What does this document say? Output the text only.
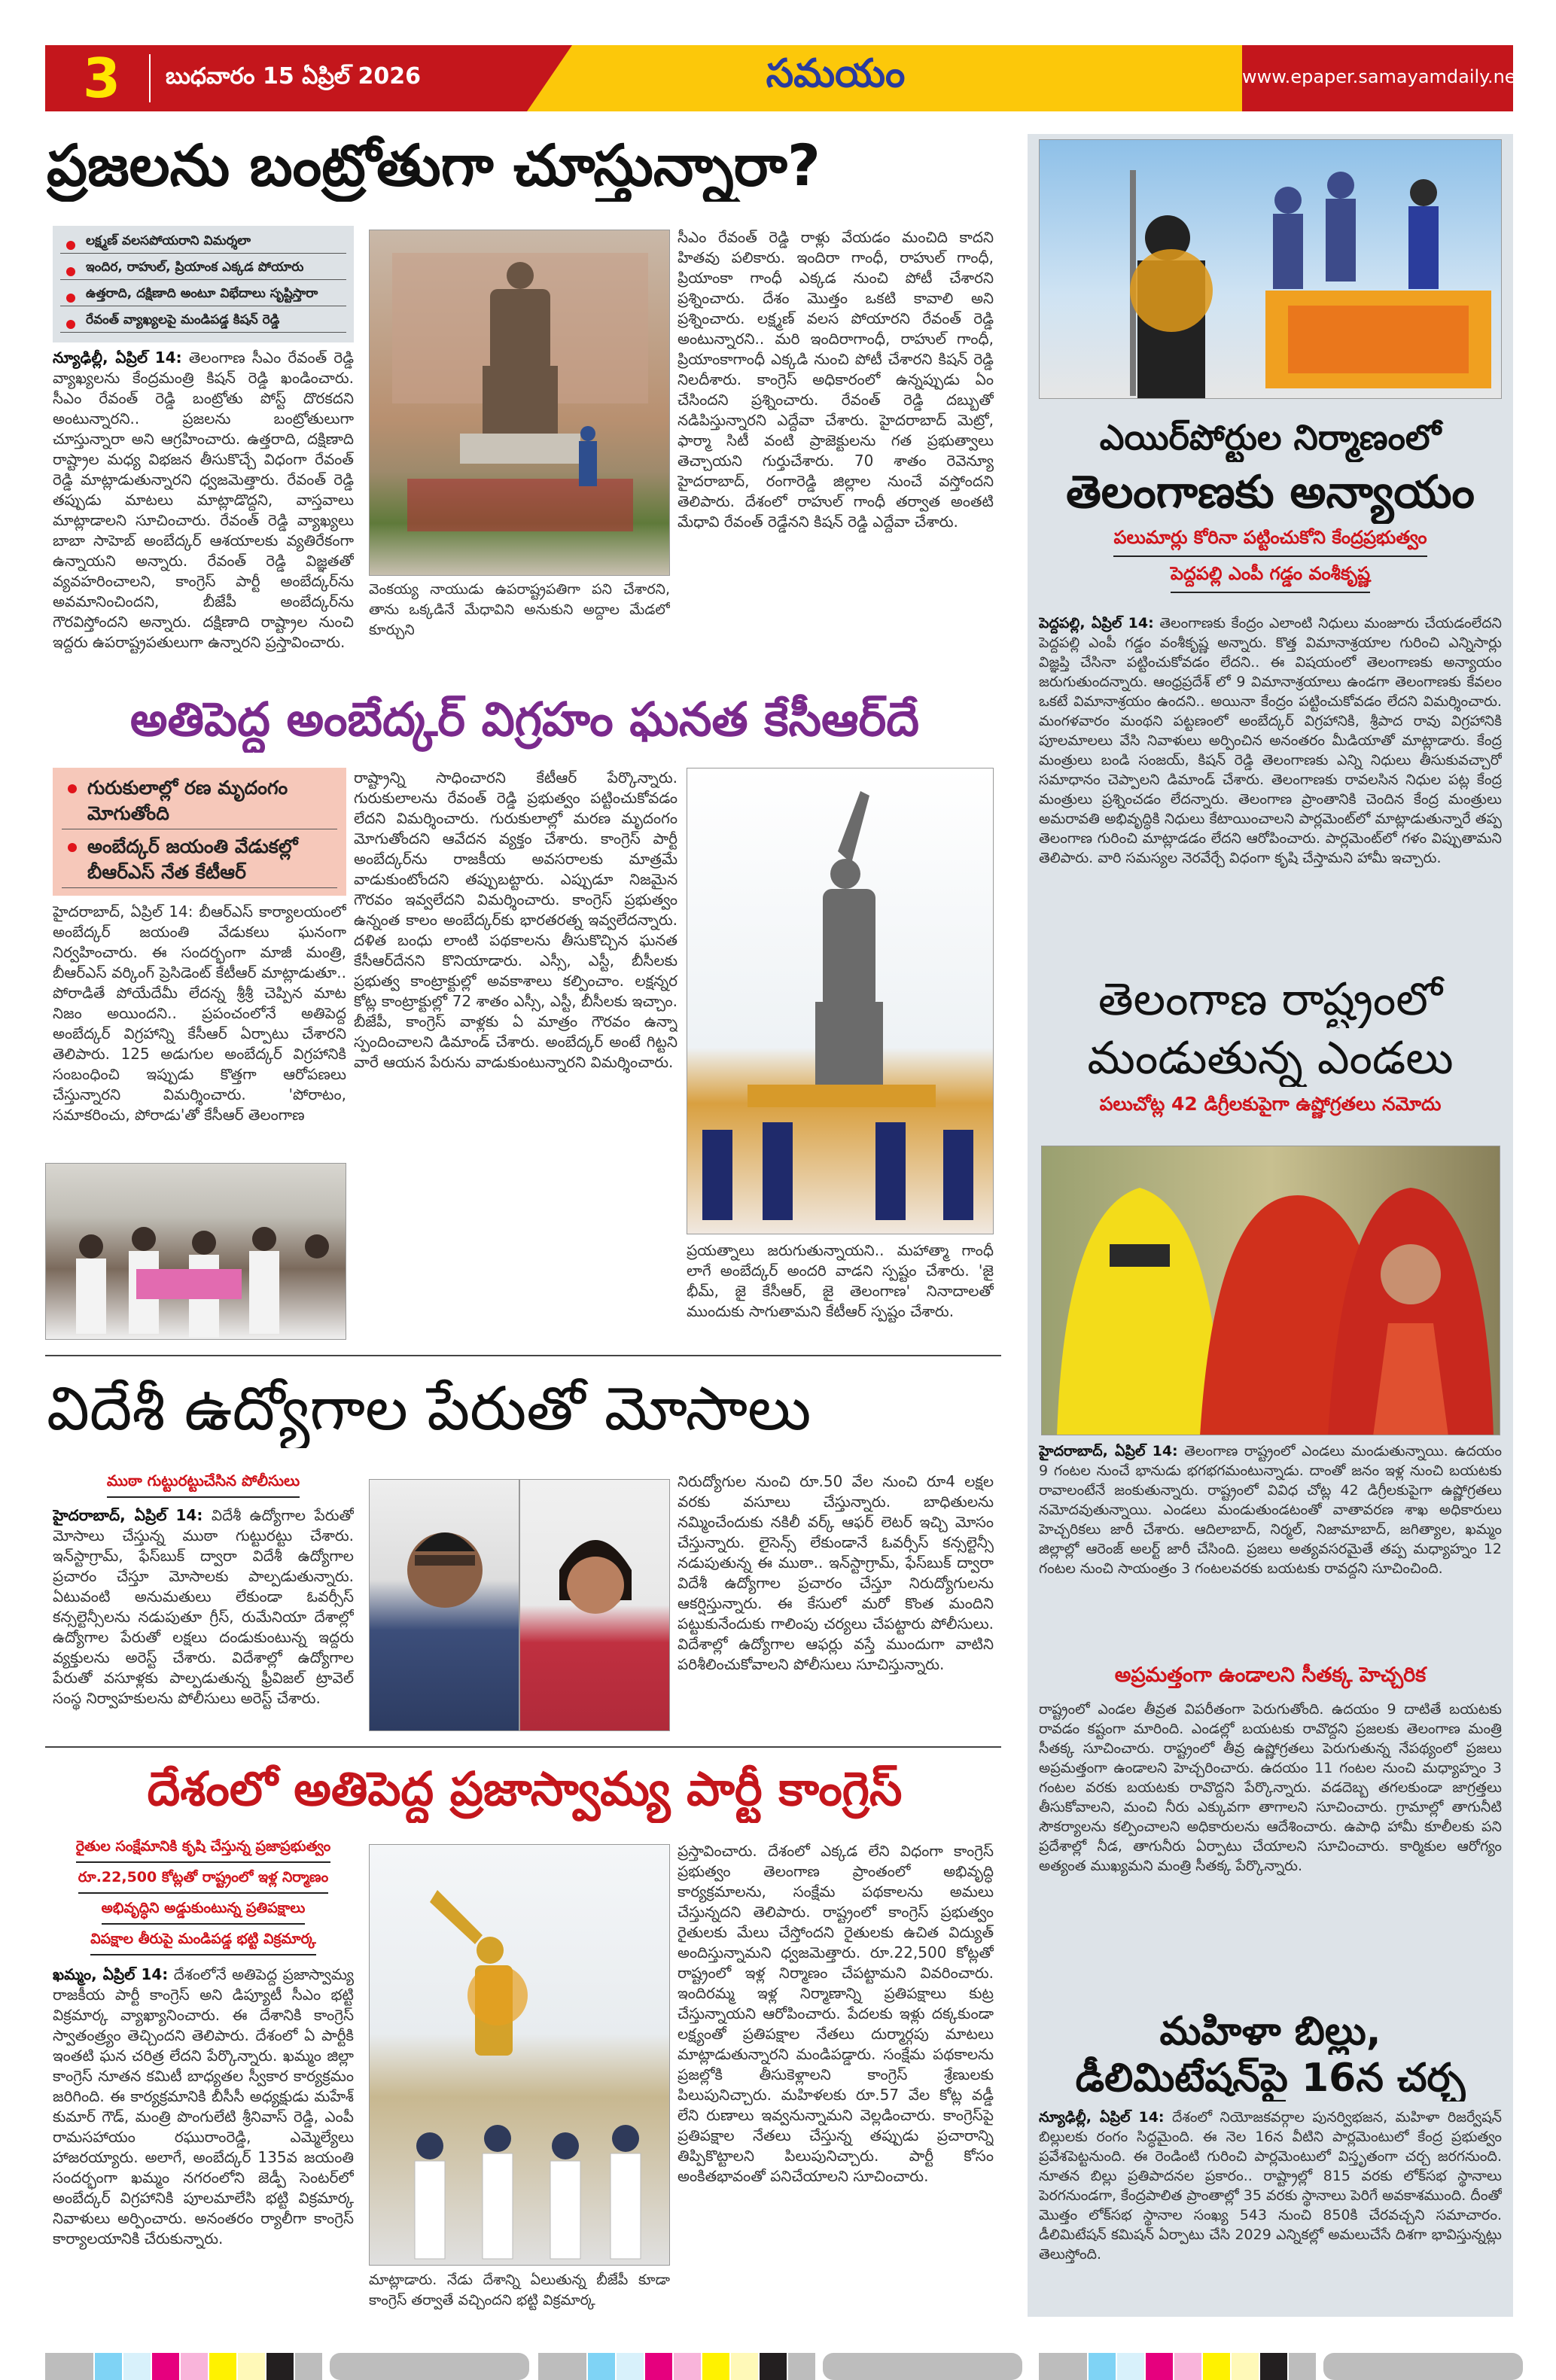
3 బుధవారం 15 ఏప్రిల్ 2026	సమయం	www.epaper.samayamdaily.net
ప్రజలను బంట్రోతుగా చూస్తున్నారా?
లక్ష్మణ్ వలసపోయరాని విమర్శలా
ఇందిర, రాహుల్, ప్రియాంక ఎక్కడ పోయారు
ఉత్తరాది, దక్షిణాది అంటూ విభేదాలు సృష్టిస్తారా
రేవంత్ వ్యాఖ్యలపై మండిపడ్డ కిషన్ రెడ్డి
న్యూఢిల్లీ, ఏప్రిల్ 14: తెలంగాణ సీఎం రేవంత్ రెడ్డి వ్యాఖ్యలను కేంద్రమంత్రి కిషన్ రెడ్డి ఖండించారు. సీఎం రేవంత్ రెడ్డి బంట్రోతు పోస్ట్ దొరకదని అంటున్నారని.. ప్రజలను బంట్రోతులుగా చూస్తున్నారా అని ఆగ్రహించారు. ఉత్తరాది, దక్షిణాది రాష్ట్రాల మధ్య విభజన తీసుకొచ్చే విధంగా రేవంత్ రెడ్డి మాట్లాడుతున్నారని ధ్వజమెత్తారు. రేవంత్ రెడ్డి తప్పుడు మాటలు మాట్లాడొద్దని, వాస్తవాలు మాట్లాడాలని సూచించారు. రేవంత్ రెడ్డి వ్యాఖ్యలు బాబా సాహెబ్ అంబేద్కర్ ఆశయాలకు వ్యతిరేకంగా ఉన్నాయని అన్నారు. రేవంత్ రెడ్డి విజ్ఞతతో వ్యవహరించాలని, కాంగ్రెస్ పార్టీ అంబేద్కర్‌ను అవమానించిందని, బీజేపీ అంబేద్కర్‌ను గౌరవిస్తోందని అన్నారు. దక్షిణాది రాష్ట్రాల నుంచి ఇద్దరు ఉపరాష్ట్రపతులుగా ఉన్నారని ప్రస్తావించారు.
వెంకయ్య నాయుడు ఉపరాష్ట్రపతిగా పని చేశారని, తాను ఒక్కడినే మేధావిని అనుకుని అద్దాల మేడలో కూర్చుని
సీఎం రేవంత్ రెడ్డి రాళ్లు వేయడం మంచిది కాదని హితవు పలికారు. ఇందిరా గాంధీ, రాహుల్ గాంధీ, ప్రియాంకా గాంధీ ఎక్కడ నుంచి పోటీ చేశారని ప్రశ్నించారు. దేశం మొత్తం ఒకటి కావాలి అని ప్రశ్నించారు. లక్ష్మణ్ వలస పోయారని రేవంత్ రెడ్డి అంటున్నారని.. మరి ఇందిరాగాంధీ, రాహుల్ గాంధీ, ప్రియాంకాగాంధీ ఎక్కడి నుంచి పోటీ చేశారని కిషన్ రెడ్డి నిలదీశారు. కాంగ్రెస్ అధికారంలో ఉన్నప్పుడు ఏం చేసిందని ప్రశ్నించారు. రేవంత్ రెడ్డి దబ్బుతో నడిపిస్తున్నారని ఎద్దేవా చేశారు. హైదరాబాద్ మెట్రో, ఫార్మా సిటీ వంటి ప్రాజెక్టులను గత ప్రభుత్వాలు తెచ్చాయని గుర్తుచేశారు. 70 శాతం రెవెన్యూ హైదరాబాద్, రంగారెడ్డి జిల్లాల నుంచే వస్తోందని తెలిపారు. దేశంలో రాహుల్ గాంధీ తర్వాత అంతటి మేధావి రేవంత్ రెడ్డేనని కిషన్ రెడ్డి ఎద్దేవా చేశారు.
అతిపెద్ద అంబేద్కర్ విగ్రహం ఘనత కేసీఆర్‌దే
గురుకులాల్లో రణ మృదంగం మోగుతోంది
అంబేద్కర్ జయంతి వేడుకల్లో బీఆర్ఎస్ నేత కేటీఆర్
హైదరాబాద్, ఏప్రిల్ 14: బీఆర్ఎస్ కార్యాలయంలో అంబేద్కర్ జయంతి వేడుకలు ఘనంగా నిర్వహించారు. ఈ సందర్భంగా మాజీ మంత్రి, బీఆర్ఎస్ వర్కింగ్ ప్రెసిడెంట్ కేటీఆర్ మాట్లాడుతూ.. పోరాడితే పోయేదేమీ లేదన్న శ్రీశ్రీ చెప్పిన మాట నిజం అయిందని.. ప్రపంచంలోనే అతిపెద్ద అంబేద్కర్ విగ్రహాన్ని కేసీఆర్ ఏర్పాటు చేశారని తెలిపారు. 125 అడుగుల అంబేద్కర్ విగ్రహానికి సంబంధించి ఇప్పుడు కొత్తగా ఆరోపణలు చేస్తున్నారని విమర్శించారు. 'పోరాటం, సమాకరించు, పోరాడు'తో కేసీఆర్ తెలంగాణ
రాష్ట్రాన్ని సాధించారని కేటీఆర్ పేర్కొన్నారు. గురుకులాలను రేవంత్ రెడ్డి ప్రభుత్వం పట్టించుకోవడం లేదని విమర్శించారు. గురుకులాల్లో మరణ మృదంగం మోగుతోందని ఆవేదన వ్యక్తం చేశారు. కాంగ్రెస్ పార్టీ అంబేద్కర్‌ను రాజకీయ అవసరాలకు మాత్రమే వాడుకుంటోందని తప్పుబట్టారు. ఎప్పుడూ నిజమైన గౌరవం ఇవ్వలేదని విమర్శించారు. కాంగ్రెస్ ప్రభుత్వం ఉన్నంత కాలం అంబేద్కర్‌కు భారతరత్న ఇవ్వలేదన్నారు. దళిత బంధు లాంటి పథకాలను తీసుకొచ్చిన ఘనత కేసీఆర్‌దేనని కొనియాడారు. ఎస్సీ, ఎస్టీ, బీసీలకు ప్రభుత్వ కాంట్రాక్టుల్లో అవకాశాలు కల్పించాం. లక్షన్నర కోట్ల కాంట్రాక్టుల్లో 72 శాతం ఎస్సీ, ఎస్టీ, బీసీలకు ఇచ్చాం. బీజేపీ, కాంగ్రెస్ వాళ్లకు ఏ మాత్రం గౌరవం ఉన్నా స్పందించాలని డిమాండ్ చేశారు. అంబేద్కర్ అంటే గిట్టని వారే ఆయన పేరును వాడుకుంటున్నారని విమర్శించారు.
ప్రయత్నాలు జరుగుతున్నాయని.. మహాత్మా గాంధీ లాగే అంబేద్కర్ అందరి వాడని స్పష్టం చేశారు. 'జై భీమ్, జై కేసీఆర్, జై తెలంగాణ' నినాదాలతో ముందుకు సాగుతామని కేటీఆర్ స్పష్టం చేశారు.
విదేశీ ఉద్యోగాల పేరుతో మోసాలు
ముఠా గుట్టురట్టుచేసిన పోలీసులు
హైదరాబాద్, ఏప్రిల్ 14: విదేశీ ఉద్యోగాల పేరుతో మోసాలు చేస్తున్న ముఠా గుట్టురట్టు చేశారు. ఇన్‌స్టాగ్రామ్, ఫేస్‌బుక్ ద్వారా విదేశీ ఉద్యోగాల ప్రచారం చేస్తూ మోసాలకు పాల్పడుతున్నారు. ఏటువంటి అనుమతులు లేకుండా ఓవర్సీస్ కన్సల్టెన్సీలను నడుపుతూ గ్రీస్, రుమేనియా దేశాల్లో ఉద్యోగాల పేరుతో లక్షలు దండుకుంటున్న ఇద్దరు వ్యక్తులను అరెస్ట్ చేశారు. విదేశాల్లో ఉద్యోగాల పేరుతో వసూళ్లకు పాల్పడుతున్న ఫ్రీవిజల్ ట్రావెల్ సంస్థ నిర్వాహకులను పోలీసులు అరెస్ట్ చేశారు.
నిరుద్యోగుల నుంచి రూ.50 వేల నుంచి రూ4 లక్షల వరకు వసూలు చేస్తున్నారు. బాధితులను నమ్మించేందుకు నకిలీ వర్క్ ఆఫర్ లెటర్ ఇచ్చి మోసం చేస్తున్నారు. లైసెన్స్ లేకుండానే ఓవర్సీస్ కన్సల్టెన్సీ నడుపుతున్న ఈ ముఠా.. ఇన్‌స్టాగ్రామ్, ఫేస్‌బుక్ ద్వారా విదేశీ ఉద్యోగాల ప్రచారం చేస్తూ నిరుద్యోగులను ఆకర్షిస్తున్నారు. ఈ కేసులో మరో కొంత మందిని పట్టుకునేందుకు గాలింపు చర్యలు చేపట్టారు పోలీసులు. విదేశాల్లో ఉద్యోగాల ఆఫర్లు వస్తే ముందుగా వాటిని పరిశీలించుకోవాలని పోలీసులు సూచిస్తున్నారు.
దేశంలో అతిపెద్ద ప్రజాస్వామ్య పార్టీ కాంగ్రెస్
రైతుల సంక్షేమానికి కృషి చేస్తున్న ప్రజాప్రభుత్వం
రూ.22,500 కోట్లతో రాష్ట్రంలో ఇళ్ల నిర్మాణం
అభివృద్ధిని అడ్డుకుంటున్న ప్రతిపక్షాలు
విపక్షాల తీరుపై మండిపడ్డ భట్టి విక్రమార్క
ఖమ్మం, ఏప్రిల్ 14: దేశంలోనే అతిపెద్ద ప్రజాస్వామ్య రాజకీయ పార్టీ కాంగ్రెస్ అని డిప్యూటీ సీఎం భట్టి విక్రమార్క వ్యాఖ్యానించారు. ఈ దేశానికి కాంగ్రెస్ స్వాతంత్ర్యం తెచ్చిందని తెలిపారు. దేశంలో ఏ పార్టీకి ఇంతటి ఘన చరిత్ర లేదని పేర్కొన్నారు. ఖమ్మం జిల్లా కాంగ్రెస్ నూతన కమిటీ బాధ్యతల స్వీకార కార్యక్రమం జరిగింది. ఈ కార్యక్రమానికి బీసీసీ అధ్యక్షుడు మహేశ్ కుమార్ గౌడ్, మంత్రి పొంగులేటి శ్రీనివాస్ రెడ్డి, ఎంపీ రామసహాయం రఘురాంరెడ్డి, ఎమ్మెల్యేలు హాజరయ్యారు. అలాగే, అంబేద్కర్ 135వ జయంతి సందర్భంగా ఖమ్మం నగరంలోని జెడ్పీ సెంటర్‌లో అంబేద్కర్ విగ్రహానికి పూలమాలేసి భట్టి విక్రమార్క నివాళులు అర్పించారు. అనంతరం ర్యాలీగా కాంగ్రెస్ కార్యాలయానికి చేరుకున్నారు.
మాట్లాడారు. నేడు దేశాన్ని ఏలుతున్న బీజేపీ కూడా కాంగ్రెస్ తర్వాతే వచ్చిందని భట్టి విక్రమార్క
ప్రస్తావించారు. దేశంలో ఎక్కడ లేని విధంగా కాంగ్రెస్ ప్రభుత్వం తెలంగాణ ప్రాంతంలో అభివృద్ధి కార్యక్రమాలను, సంక్షేమ పథకాలను అమలు చేస్తున్నదని తెలిపారు. రాష్ట్రంలో కాంగ్రెస్ ప్రభుత్వం రైతులకు మేలు చేస్తోందని రైతులకు ఉచిత విద్యుత్ అందిస్తున్నామని ధ్వజమెత్తారు. రూ.22,500 కోట్లతో రాష్ట్రంలో ఇళ్ల నిర్మాణం చేపట్టామని వివరించారు. ఇందిరమ్మ ఇళ్ల నిర్మాణాన్ని ప్రతిపక్షాలు కుట్ర చేస్తున్నాయని ఆరోపించారు. పేదలకు ఇళ్లు దక్కకుండా లక్ష్యంతో ప్రతిపక్షాల నేతలు దుర్మార్గపు మాటలు మాట్లాడుతున్నారని మండిపడ్డారు. సంక్షేమ పథకాలను ప్రజల్లోకి తీసుకెళ్లాలని కాంగ్రెస్ శ్రేణులకు పిలుపునిచ్చారు. మహిళలకు రూ.57 వేల కోట్ల వడ్డీ లేని రుణాలు ఇవ్వనున్నామని వెల్లడించారు. కాంగ్రెస్‌పై ప్రతిపక్షాల నేతలు చేస్తున్న తప్పుడు ప్రచారాన్ని తిప్పికొట్టాలని పిలుపునిచ్చారు. పార్టీ కోసం అంకితభావంతో పనిచేయాలని సూచించారు.
ఎయిర్‌పోర్టుల నిర్మాణంలో
తెలంగాణకు అన్యాయం
పలుమార్లు కోరినా పట్టించుకోని కేంద్రప్రభుత్వం
పెద్దపల్లి ఎంపీ గడ్డం వంశీకృష్ణ
పెద్దపల్లి, ఏప్రిల్ 14: తెలంగాణకు కేంద్రం ఎలాంటి నిధులు మంజూరు చేయడంలేదని పెద్దపల్లి ఎంపీ గడ్డం వంశీకృష్ణ అన్నారు. కొత్త విమానాశ్రయాల గురించి ఎన్నిసార్లు విజ్ఞప్తి చేసినా పట్టించుకోవడం లేదని.. ఈ విషయంలో తెలంగాణకు అన్యాయం జరుగుతుందన్నారు. ఆంధ్రప్రదేశ్ లో 9 విమానాశ్రయాలు ఉండగా తెలంగాణకు కేవలం ఒకటే విమానాశ్రయం ఉందని.. అయినా కేంద్రం పట్టించుకోవడం లేదని విమర్శించారు. మంగళవారం మంథని పట్టణంలో అంబేద్కర్ విగ్రహానికి, శ్రీపాద రావు విగ్రహానికి పూలమాలలు వేసి నివాళులు అర్పించిన అనంతరం మీడియాతో మాట్లాడారు. కేంద్ర మంత్రులు బండి సంజయ్, కిషన్ రెడ్డి తెలంగాణకు ఎన్ని నిధులు తీసుకువచ్చారో సమాధానం చెప్పాలని డిమాండ్ చేశారు. తెలంగాణకు రావలసిన నిధుల పట్ల కేంద్ర మంత్రులు ప్రశ్నించడం లేదన్నారు. తెలంగాణ ప్రాంతానికి చెందిన కేంద్ర మంత్రులు అమరావతి అభివృద్ధికి నిధులు కేటాయించాలని పార్లమెంట్‌లో మాట్లాడుతున్నారే తప్ప తెలంగాణ గురించి మాట్లాడడం లేదని ఆరోపించారు. పార్లమెంట్‌లో గళం విప్పుతామని తెలిపారు. వారి సమస్యల నెరవేర్చే విధంగా కృషి చేస్తామని హామీ ఇచ్చారు.
తెలంగాణ రాష్ట్రంలో
మండుతున్న ఎండలు
పలుచోట్ల 42 డిగ్రీలకుపైగా ఉష్ణోగ్రతలు నమోదు
హైదరాబాద్, ఏప్రిల్ 14: తెలంగాణ రాష్ట్రంలో ఎండలు మండుతున్నాయి. ఉదయం 9 గంటల నుంచే భానుడు భగభగమంటున్నాడు. దాంతో జనం ఇళ్ల నుంచి బయటకు రావాలంటేనే జంకుతున్నారు. రాష్ట్రంలో వివిధ చోట్ల 42 డిగ్రీలకుపైగా ఉష్ణోగ్రతలు నమోదవుతున్నాయి. ఎండలు మండుతుండటంతో వాతావరణ శాఖ అధికారులు హెచ్చరికలు జారీ చేశారు. ఆదిలాబాద్, నిర్మల్, నిజామాబాద్, జగిత్యాల, ఖమ్మం జిల్లాల్లో ఆరెంజ్ అలర్ట్ జారీ చేసింది. ప్రజలు అత్యవసరమైతే తప్ప మధ్యాహ్నం 12 గంటల నుంచి సాయంత్రం 3 గంటలవరకు బయటకు రావద్దని సూచించింది.
అప్రమత్తంగా ఉండాలని సీతక్క హెచ్చరిక
రాష్ట్రంలో ఎండల తీవ్రత విపరీతంగా పెరుగుతోంది. ఉదయం 9 దాటితే బయటకు రావడం కష్టంగా మారింది. ఎండల్లో బయటకు రావొద్దని ప్రజలకు తెలంగాణ మంత్రి సీతక్క సూచించారు. రాష్ట్రంలో తీవ్ర ఉష్ణోగ్రతలు పెరుగుతున్న నేపథ్యంలో ప్రజలు అప్రమత్తంగా ఉండాలని హెచ్చరించారు. ఉదయం 11 గంటల నుంచి మధ్యాహ్నం 3 గంటల వరకు బయటకు రావొద్దని పేర్కొన్నారు. వడదెబ్బ తగలకుండా జాగ్రత్తలు తీసుకోవాలని, మంచి నీరు ఎక్కువగా తాగాలని సూచించారు. గ్రామాల్లో తాగునీటి సౌకర్యాలను కల్పించాలని అధికారులను ఆదేశించారు. ఉపాధి హామీ కూలీలకు పని ప్రదేశాల్లో నీడ, తాగునీరు ఏర్పాటు చేయాలని సూచించారు. కార్మికుల ఆరోగ్యం అత్యంత ముఖ్యమని మంత్రి సీతక్క పేర్కొన్నారు.
మహిళా బిల్లు,
డీలిమిటేషన్‌పై 16న చర్చ
న్యూఢిల్లీ, ఏప్రిల్ 14: దేశంలో నియోజకవర్గాల పునర్విభజన, మహిళా రిజర్వేషన్ బిల్లులకు రంగం సిద్ధమైంది. ఈ నెల 16న వీటిని పార్లమెంటులో కేంద్ర ప్రభుత్వం ప్రవేశపెట్టనుంది. ఈ రెండింటి గురించి పార్లమెంటులో విస్తృతంగా చర్చ జరగనుంది. నూతన బిల్లు ప్రతిపాదనల ప్రకారం.. రాష్ట్రాల్లో 815 వరకు లోక్‌సభ స్థానాలు పెరగనుండగా, కేంద్రపాలిత ప్రాంతాల్లో 35 వరకు స్థానాలు పెరిగే అవకాశముంది. దీంతో మొత్తం లోక్‌సభ స్థానాల సంఖ్య 543 నుంచి 850కి చేరవచ్చని సమాచారం. డీలిమిటేషన్ కమిషన్ ఏర్పాటు చేసి 2029 ఎన్నికల్లో అమలుచేసే దిశగా భావిస్తున్నట్లు తెలుస్తోంది.
